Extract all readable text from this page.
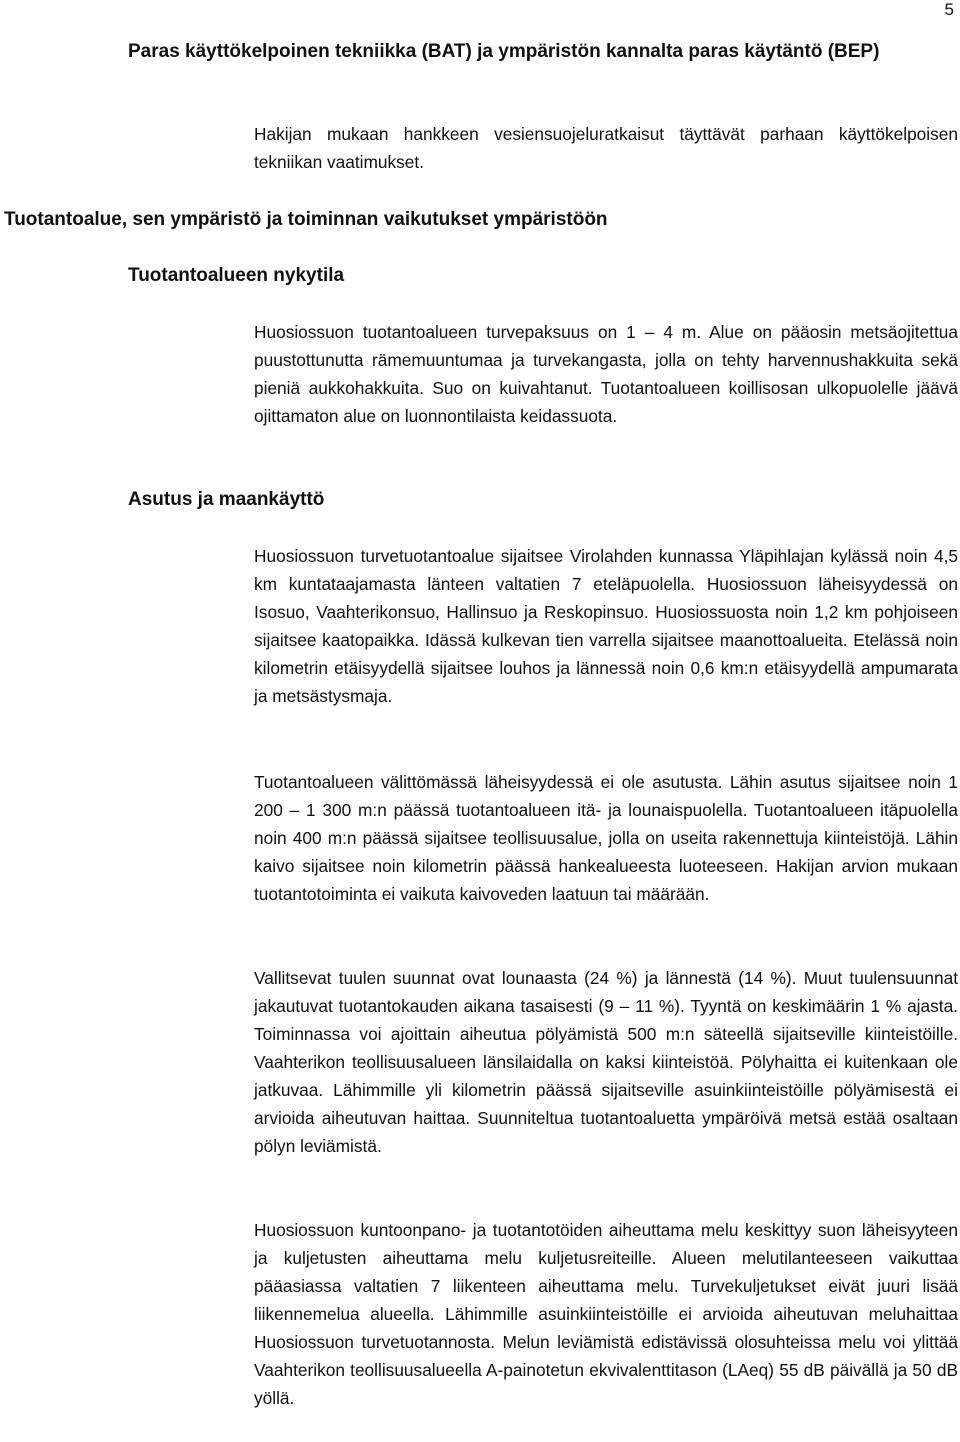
5
Paras käyttökelpoinen tekniikka (BAT) ja ympäristön kannalta paras käytäntö (BEP)

Hakijan mukaan hankkeen vesiensuojeluratkaisut täyttävät parhaan käyttökelpoisen tekniikan vaatimukset.

Tuotantoalue, sen ympäristö ja toiminnan vaikutukset ympäristöön
Tuotantoalueen nykytila

Huosiossuon tuotantoalueen turvepaksuus on 1 – 4 m. Alue on pääosin metsäojitettua puustottunutta rämemuuntumaa ja turvekangasta, jolla on tehty harvennushakkuita sekä pieniä aukkohakkuita. Suo on kuivahtanut. Tuotantoalueen koillisosan ulkopuolelle jäävä ojittamaton alue on luonnontilaista keidassuota.

Asutus ja maankäyttö

Huosiossuon turvetuotantoalue sijaitsee Virolahden kunnassa Yläpihlajan kylässä noin 4,5 km kuntataajamasta länteen valtatien 7 eteläpuolella. Huosiossuon läheisyydessä on Isosuo, Vaahterikonsuo, Hallinsuo ja Reskopinsuo. Huosiossuosta noin 1,2 km pohjoiseen sijaitsee kaatopaikka. Idässä kulkevan tien varrella sijaitsee maanottoalueita. Etelässä noin kilometrin etäisyydellä sijaitsee louhos ja lännessä noin 0,6 km:n etäisyydellä ampumarata ja metsästysmaja.

Tuotantoalueen välittömässä läheisyydessä ei ole asutusta. Lähin asutus sijaitsee noin 1 200 – 1 300 m:n päässä tuotantoalueen itä- ja lounaispuolella. Tuotantoalueen itäpuolella noin 400 m:n päässä sijaitsee teollisuusalue, jolla on useita rakennettuja kiinteistöjä. Lähin kaivo sijaitsee noin kilometrin päässä hankealueesta luoteeseen. Hakijan arvion mukaan tuotantotoiminta ei vaikuta kaivoveden laatuun tai määrään.

Vallitsevat tuulen suunnat ovat lounaasta (24 %) ja lännestä (14 %). Muut tuulensuunnat jakautuvat tuotantokauden aikana tasaisesti (9 – 11 %). Tyyntä on keskimäärin 1 % ajasta. Toiminnassa voi ajoittain aiheutua pölyämistä 500 m:n säteellä sijaitseville kiinteistöille. Vaahterikon teollisuusalueen länsilaidalla on kaksi kiinteistöä. Pölyhaitta ei kuitenkaan ole jatkuvaa. Lähimmille yli kilometrin päässä sijaitseville asuinkiinteistöille pölyämisestä ei arvioida aiheutuvan haittaa. Suunniteltua tuotantoaluetta ympäröivä metsä estää osaltaan pölyn leviämistä.

Huosiossuon kuntoonpano- ja tuotantotöiden aiheuttama melu keskittyy suon läheisyyteen ja kuljetusten aiheuttama melu kuljetusreiteille. Alueen melutilanteeseen vaikuttaa pääasiassa valtatien 7 liikenteen aiheuttama melu. Turvekuljetukset eivät juuri lisää liikennemelua alueella. Lähimmille asuinkiinteistöille ei arvioida aiheutuvan meluhaittaa Huosiossuon turvetuotannosta. Melun leviämistä edistävissä olosuhteissa melu voi ylittää Vaahterikon teollisuusalueella A-painotetun ekvivalenttitason (LAeq) 55 dB päivällä ja 50 dB yöllä.
